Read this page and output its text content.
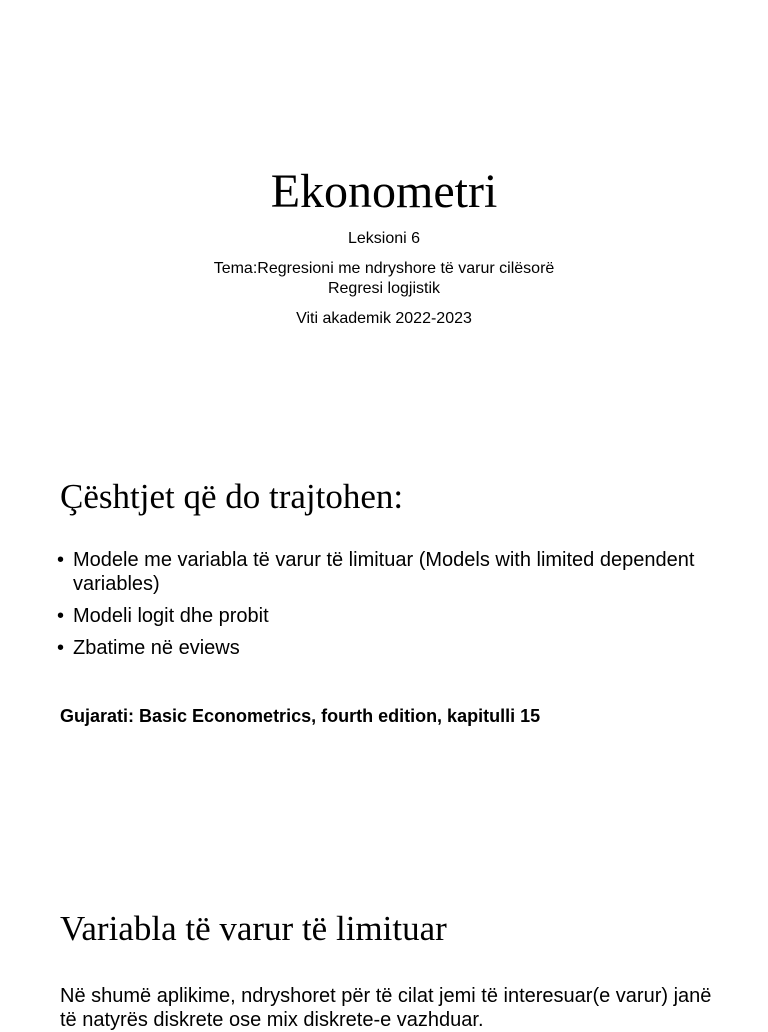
Ekonometri
Leksioni 6
Tema:Regresioni me ndryshore të varur cilësorë
Regresi logjistik
Viti akademik 2022-2023
Çështjet që do trajtohen:
• Modele me variabla të varur të limituar (Models with limited dependent variables)
• Modeli logit dhe probit
• Zbatime në eviews
Gujarati: Basic Econometrics, fourth edition, kapitulli 15
Variabla të varur të limituar
Në shumë aplikime, ndryshoret për të cilat jemi të interesuar(e varur) janë të natyrës diskrete ose mix diskrete-e vazhduar.
